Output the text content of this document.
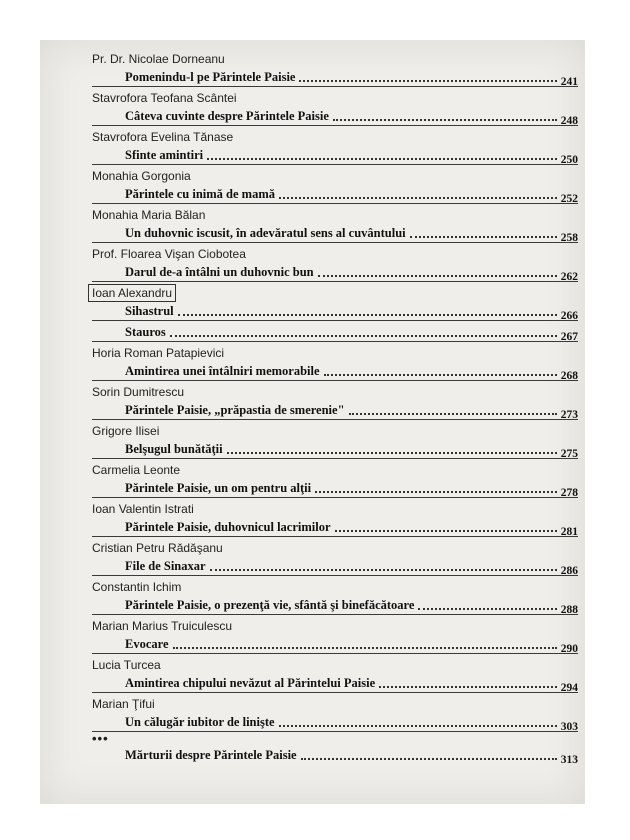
Pr. Dr. Nicolae Dorneanu
Pomenindu-l pe Părintele Paisie	241
Stavrofora Teofana Scântei
Câteva cuvinte despre Părintele Paisie	248
Stavrofora Evelina Tănase
Sfinte amintiri	250
Monahia Gorgonia
Părintele cu inimă de mamă	252
Monahia Maria Bălan
Un duhovnic iscusit, în adevăratul sens al cuvântului	258
Prof. Floarea Vişan Ciobotea
Darul de-a întâlni un duhovnic bun	262
Ioan Alexandru
Sihastrul	266
Stauros	267
Horia Roman Patapievici
Amintirea unei întâlniri memorabile	268
Sorin Dumitrescu
Părintele Paisie, „prăpastia de smerenie"	273
Grigore Ilisei
Belşugul bunătăţii	275
Carmelia Leonte
Părintele Paisie, un om pentru alţii	278
Ioan Valentin Istrati
Părintele Paisie, duhovnicul lacrimilor	281
Cristian Petru Rădăşanu
File de Sinaxar	286
Constantin Ichim
Părintele Paisie, o prezenţă vie, sfântă şi binefăcătoare	288
Marian Marius Truiculescu
Evocare	290
Lucia Turcea
Amintirea chipului nevăzut al Părintelui Paisie	294
Marian Ţifui
Un călugăr iubitor de linişte	303
•••
Mărturii despre Părintele Paisie	313
